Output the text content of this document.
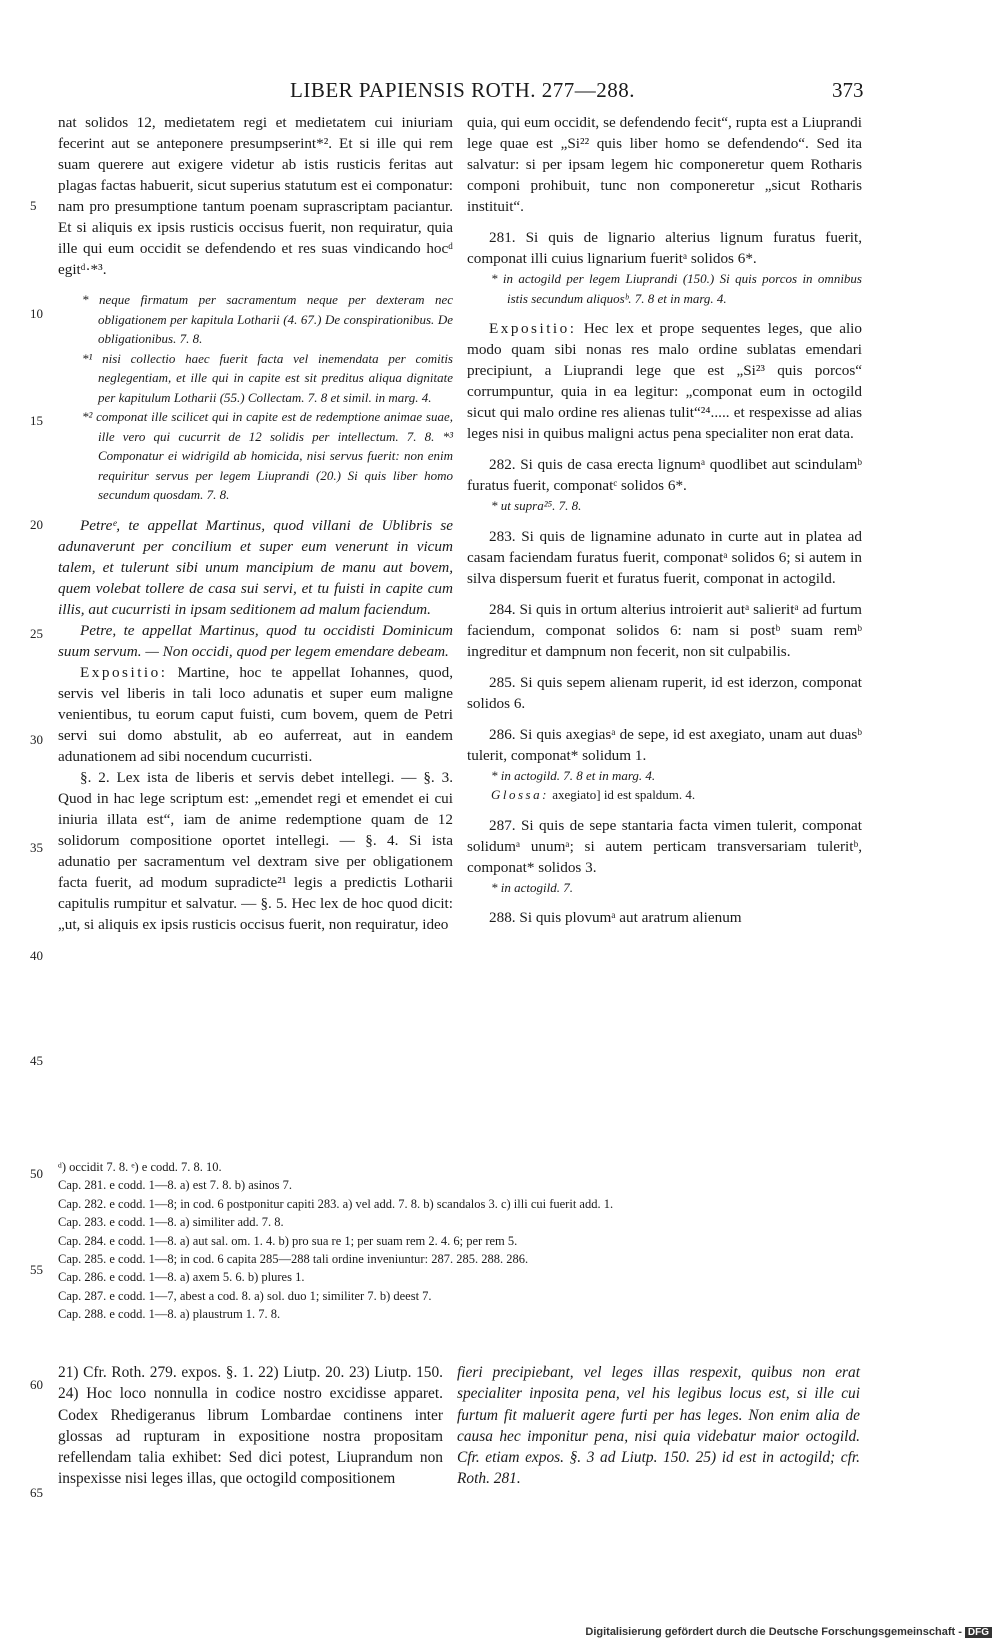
LIBER PAPIENSIS ROTH. 277—288.	373
5
10
15
20
25
30
35
40
45
50
55
60
65

nat solidos 12, medietatem regi et medietatem cui iniuriam fecerint aut se anteponere presumpserint*². Et si ille qui rem suam querere aut exigere videtur ab istis rusticis feritas aut plagas factas habuerit, sicut superius statutum est ei componatur: nam pro presumptione tantum poenam suprascriptam paciantur. Et si aliquis ex ipsis rusticis occisus fuerit, non requiratur, quia ille qui eum occidit se defendendo et res suas vindicando hocᵈ egitᵈ·*³.

* neque firmatum per sacramentum neque per dexteram nec obligationem per kapitula Lotharii (4. 67.) De conspirationibus. De obligationibus. 7. 8.

*¹ nisi collectio haec fuerit facta vel inemendata per comitis neglegentiam, et ille qui in capite est sit preditus aliqua dignitate per kapitulum Lotharii (55.) Collectam. 7. 8 et simil. in marg. 4.

*² componat ille scilicet qui in capite est de redemptione animae suae, ille vero qui cucurrit de 12 solidis per intellectum. 7. 8. *³ Componatur ei widrigild ab homicida, nisi servus fuerit: non enim requiritur servus per legem Liuprandi (20.) Si quis liber homo secundum quosdam. 7. 8.

Petreᵉ, te appellat Martinus, quod villani de Ublibris se adunaverunt per concilium et super eum venerunt in vicum talem, et tulerunt sibi unum mancipium de manu aut bovem, quem volebat tollere de casa sui servi, et tu fuisti in capite cum illis, aut cucurristi in ipsam seditionem ad malum faciendum.

Petre, te appellat Martinus, quod tu occidisti Dominicum suum servum. — Non occidi, quod per legem emendare debeam.

Expositio: Martine, hoc te appellat Iohannes, quod, servis vel liberis in tali loco adunatis et super eum maligne venientibus, tu eorum caput fuisti, cum bovem, quem de Petri servi sui domo abstulit, ab eo auferreat, aut in eandem adunationem ad sibi nocendum cucurristi.

§. 2. Lex ista de liberis et servis debet intellegi. — §. 3. Quod in hac lege scriptum est: „emendet regi et emendet ei cui iniuria illata est“, iam de anime redemptione quam de 12 solidorum compositione oportet intellegi. — §. 4. Si ista adunatio per sacramentum vel dextram sive per obligationem facta fuerit, ad modum supradicte²¹ legis a predictis Lotharii capitulis rumpitur et salvatur. — §. 5. Hec lex de hoc quod dicit: „ut, si aliquis ex ipsis rusticis occisus fuerit, non requiratur, ideo

quia, qui eum occidit, se defendendo fecit“, rupta est a Liuprandi lege quae est „Si²² quis liber homo se defendendo“. Sed ita salvatur: si per ipsam legem hic componeretur quem Rotharis componi prohibuit, tunc non componeretur „sicut Rotharis instituit“.

281. Si quis de lignario alterius lignum furatus fuerit, componat illi cuius lignarium fueritᵃ solidos 6*.

* in actogild per legem Liuprandi (150.) Si quis porcos in omnibus istis secundum aliquosᵇ. 7. 8 et in marg. 4.

Expositio: Hec lex et prope sequentes leges, que alio modo quam sibi nonas res malo ordine sublatas emendari precipiunt, a Liuprandi lege que est „Si²³ quis porcos“ corrumpuntur, quia in ea legitur: „componat eum in octogild sicut qui malo ordine res alienas tulit“²⁴..... et respexisse ad alias leges nisi in quibus maligni actus pena specialiter non erat data.

282. Si quis de casa erecta lignumᵃ quodlibet aut scindulamᵇ furatus fuerit, componatᶜ solidos 6*.

* ut supra²⁵. 7. 8.

283. Si quis de lignamine adunato in curte aut in platea ad casam faciendam furatus fuerit, componatᵃ solidos 6; si autem in silva dispersum fuerit et furatus fuerit, componat in actogild.

284. Si quis in ortum alterius introierit autᵃ salieritᵃ ad furtum faciendum, componat solidos 6: nam si postᵇ suam remᵇ ingreditur et dampnum non fecerit, non sit culpabilis.

285. Si quis sepem alienam ruperit, id est iderzon, componat solidos 6.

286. Si quis axegiasᵃ de sepe, id est axegiato, unam aut duasᵇ tulerit, componat* solidum 1.

* in actogild. 7. 8 et in marg. 4.

Glossa: axegiato] id est spaldum. 4.

287. Si quis de sepe stantaria facta vimen tulerit, componat solidumᵃ unumᵃ; si autem perticam transversariam tuleritᵇ, componat* solidos 3.

* in actogild. 7.

288. Si quis plovumᵃ aut aratrum alienum

ᵈ) occidit 7. 8. ᵉ) e codd. 7. 8. 10.
Cap. 281. e codd. 1—8. a) est 7. 8. b) asinos 7.
Cap. 282. e codd. 1—8; in cod. 6 postponitur capiti 283. a) vel add. 7. 8. b) scandalos 3. c) illi cui fuerit add. 1.
Cap. 283. e codd. 1—8. a) similiter add. 7. 8.
Cap. 284. e codd. 1—8. a) aut sal. om. 1. 4. b) pro sua re 1; per suam rem 2. 4. 6; per rem 5.
Cap. 285. e codd. 1—8; in cod. 6 capita 285—288 tali ordine inveniuntur: 287. 285. 288. 286.
Cap. 286. e codd. 1—8. a) axem 5. 6. b) plures 1.
Cap. 287. e codd. 1—7, abest a cod. 8. a) sol. duo 1; similiter 7. b) deest 7.
Cap. 288. e codd. 1—8. a) plaustrum 1. 7. 8.

21) Cfr. Roth. 279. expos. §. 1. 22) Liutp. 20. 23) Liutp. 150. 24) Hoc loco nonnulla in codice nostro excidisse apparet. Codex Rhedigeranus librum Lombardae continens inter glossas ad rupturam in expositione nostra propositam refellendam talia exhibet: Sed dici potest, Liuprandum non inspexisse nisi leges illas, que octogild compositionem

fieri precipiebant, vel leges illas respexit, quibus non erat specialiter inposita pena, vel his legibus locus est, si ille cui furtum fit maluerit agere furti per has leges. Non enim alia de causa hec imponitur pena, nisi quia videbatur maior octogild. Cfr. etiam expos. §. 3 ad Liutp. 150. 25) id est in actogild; cfr. Roth. 281.

Digitalisierung gefördert durch die Deutsche Forschungsgemeinschaft - DFG
